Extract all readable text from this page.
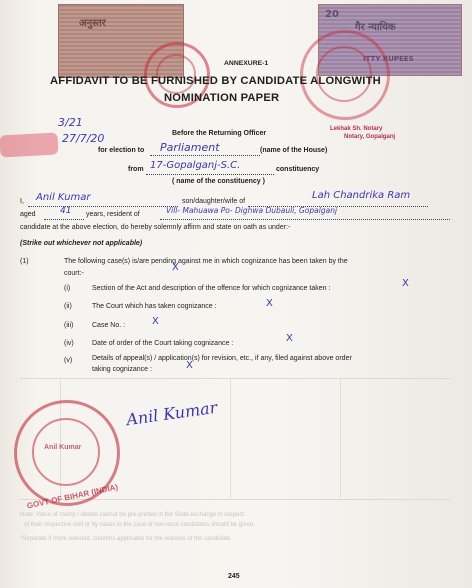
अनुस्तर
20
गैर न्यायिक
ITTY RUPEES
ANNEXURE-1
AFFIDAVIT TO BE FURNISHED BY CANDIDATE ALONGWITH
NOMINATION PAPER
3/21
27/7/20
Lekhak Sh. Notary
Notary, Gopalganj
Before the Returning Officer
for election to Parliament	(name of the House)
from 17-Gopalganj-S.C.	constituency
( name of the constituency )
I, Anil Kumar	son/daughter/wife of
Lah Chandrika Ram
aged	41 years, resident of	Vill- Mahuawa Po- Dighwa Dubauli, Gopalganj
candidate at the above election, do hereby solemnly affirm and state on oath as under:-
(Strike out whichever not applicable)
(1)	The following case(s) is/are pending against me in which cognizance has been taken by the
court:-
X
(i)	Section of the Act and description of the offence for which cognizance taken :	X
(ii)	The Court which has taken cognizance :	X
(iii)	Case No. :	X
(iv)	Date of order of the Court taking cognizance :	X
(v)	Details of appeal(s) / application(s) for revision, etc., if any, filed against above order
taking cognizance :	X
GOVT OF BIHAR (INDIA)
Anil Kumar
Anil Kumar
Note: Value of stamp / details cannot be pre-printed in the State exchange in respect
of their respective civil or by cases in the case of non-local candidates should be given.
*Separate if more relevant, columns applicable for the reasons of the candidate.
245
